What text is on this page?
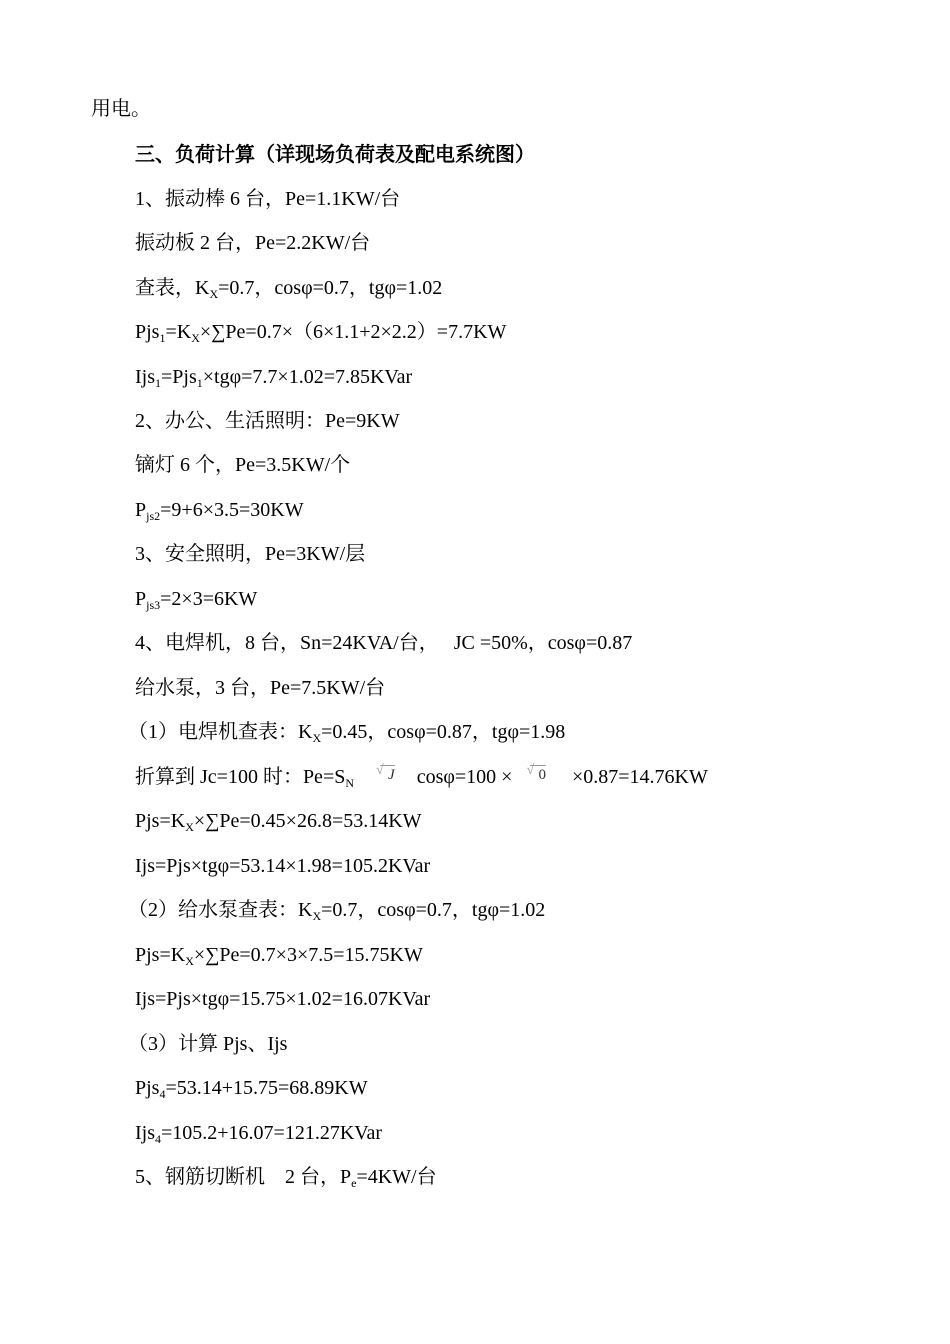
用电。
三、负荷计算（详现场负荷表及配电系统图）
1、振动棒 6 台，Pe=1.1KW/台
振动板 2 台，Pe=2.2KW/台
查表，$K_X=0.7$，cosφ=0.7，tgφ=1.02
$Pjs_1=K_X\times\sum Pe=0.7\times(6\times 1.1+2\times 2.2)=7.7KW$
Ijs$_1$=Pjs$_1$×tgφ=7.7×1.02=7.85KVar
2、办公、生活照明：Pe=9KW
镝灯 6 个，Pe=3.5KW/个
$P_{js2}=9+6\times 3.5=30KW$
3、安全照明，Pe=3KW/层
$P_{js3}=2\times 3=6KW$
4、电焊机，8 台，Sn=24KVA/台，   JC =50%，cosφ=0.87
给水泵，3 台，Pe=7.5KW/台
（1）电焊机查表：$K_X=0.45$，cosφ=0.87，tgφ=1.98
折算到 Jc=100 时：$Pe=S_N√$ J cosφ=100 ×√ 0 ×0.87=14.76KW
$Pjs=K_X\times\sum Pe=0.45\times 26.8=53.14KW$
Ijs=Pjs×tgφ=53.14×1.98=105.2KVar
（2）给水泵查表：$K_X=0.7$，cosφ=0.7，tgφ=1.02
$Pjs=K_X\times\sum Pe=0.7\times 3\times 7.5=15.75KW$
Ijs=Pjs×tgφ=15.75×1.02=16.07KVar
（3）计算 Pjs、Ijs
Pjs$_4$=53.14+15.75=68.89KW
Ijs$_4$=105.2+16.07=121.27KVar
5、钢筋切断机    2 台，$P_e=4KW/$台
